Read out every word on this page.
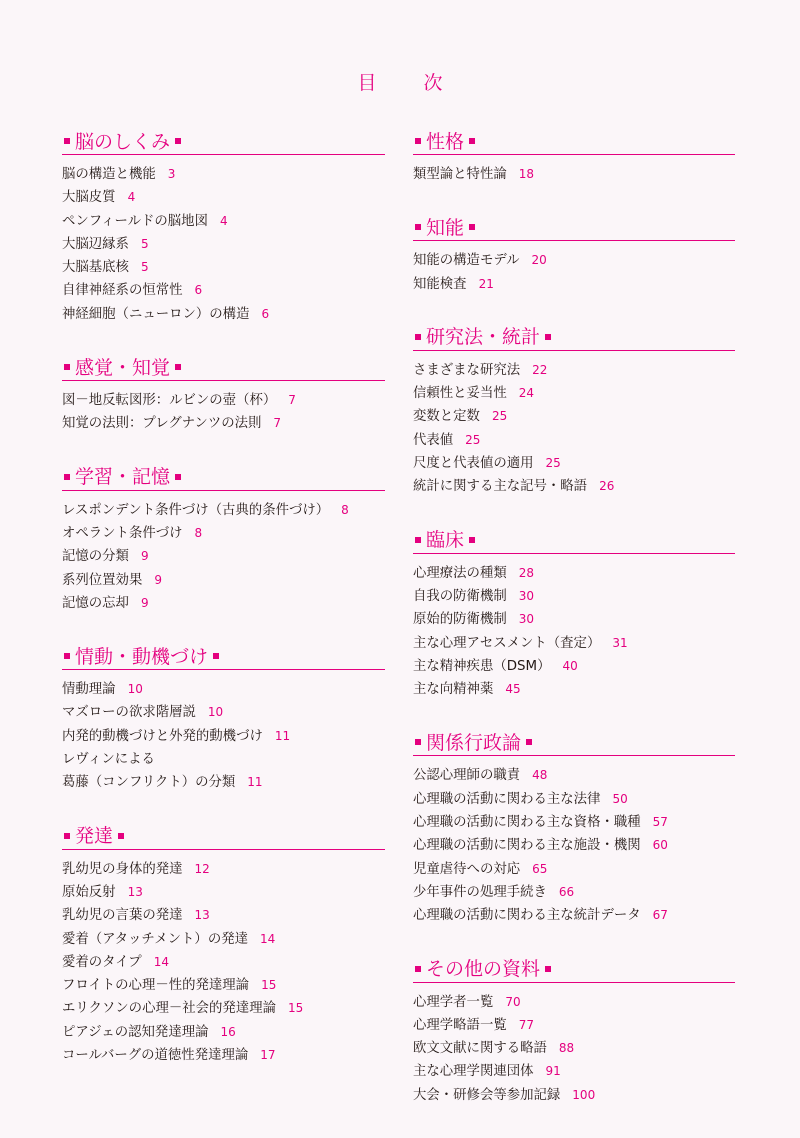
目　次
脳のしくみ
脳の構造と機能 3
大脳皮質 4
ペンフィールドの脳地図 4
大脳辺縁系 5
大脳基底核 5
自律神経系の恒常性 6
神経細胞（ニューロン）の構造 6
感覚・知覚
図－地反転図形：ルビンの壺（杯） 7
知覚の法則：プレグナンツの法則 7
学習・記憶
レスポンデント条件づけ（古典的条件づけ） 8
オペラント条件づけ 8
記憶の分類 9
系列位置効果 9
記憶の忘却 9
情動・動機づけ
情動理論 10
マズローの欲求階層説 10
内発的動機づけと外発的動機づけ 11
レヴィンによる
葛藤（コンフリクト）の分類 11
発達
乳幼児の身体的発達 12
原始反射 13
乳幼児の言葉の発達 13
愛着（アタッチメント）の発達 14
愛着のタイプ 14
フロイトの心理－性的発達理論 15
エリクソンの心理－社会的発達理論 15
ピアジェの認知発達理論 16
コールバーグの道徳性発達理論 17
性格
類型論と特性論 18
知能
知能の構造モデル 20
知能検査 21
研究法・統計
さまざまな研究法 22
信頼性と妥当性 24
変数と定数 25
代表値 25
尺度と代表値の適用 25
統計に関する主な記号・略語 26
臨床
心理療法の種類 28
自我の防衛機制 30
原始的防衛機制 30
主な心理アセスメント（査定） 31
主な精神疾患（DSM） 40
主な向精神薬 45
関係行政論
公認心理師の職責 48
心理職の活動に関わる主な法律 50
心理職の活動に関わる主な資格・職種 57
心理職の活動に関わる主な施設・機関 60
児童虐待への対応 65
少年事件の処理手続き 66
心理職の活動に関わる主な統計データ 67
その他の資料
心理学者一覧 70
心理学略語一覧 77
欧文文献に関する略語 88
主な心理学関連団体 91
大会・研修会等参加記録 100
